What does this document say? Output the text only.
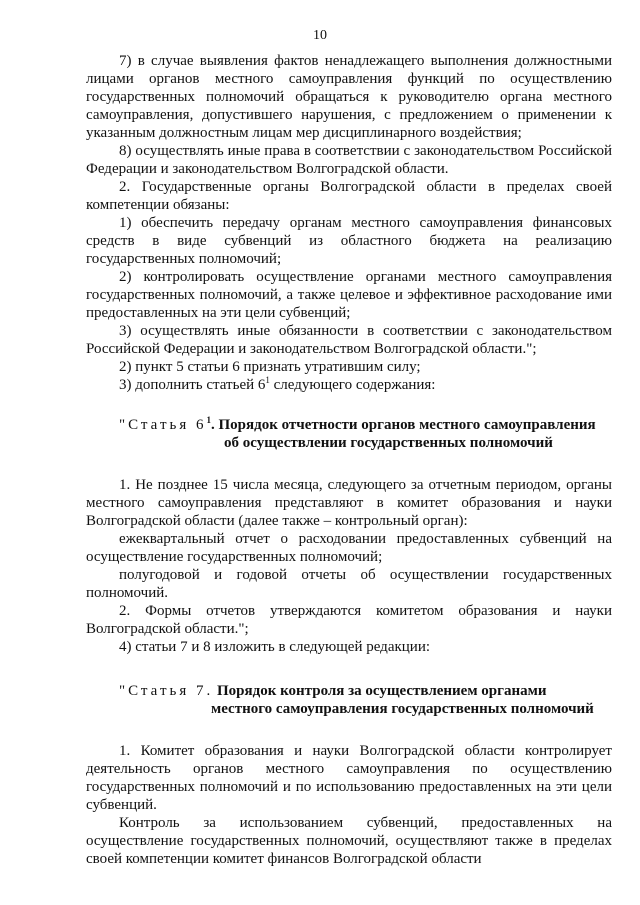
10

7) в случае выявления фактов ненадлежащего выполнения должностными лицами органов местного самоуправления функций по осуществлению государственных полномочий обращаться к руководителю органа местного самоуправления, допустившего нарушения, с предложением о применении к указанным должностным лицам мер дисциплинарного воздействия;

8) осуществлять иные права в соответствии с законодательством Российской Федерации и законодательством Волгоградской области.

2. Государственные органы Волгоградской области в пределах своей компетенции обязаны:

1) обеспечить передачу органам местного самоуправления финансовых средств в виде субвенций из областного бюджета на реализацию государственных полномочий;

2) контролировать осуществление органами местного самоуправления государственных полномочий, а также целевое и эффективное расходование ими предоставленных на эти цели субвенций;

3) осуществлять иные обязанности в соответствии с законодательством Российской Федерации и законодательством Волгоградской области.";

2) пункт 5 статьи 6 признать утратившим силу;

3) дополнить статьей $6^1$ следующего содержания:

"Статья $6^1$. Порядок отчетности органов местного самоуправления
об осуществлении государственных полномочий

1. Не позднее 15 числа месяца, следующего за отчетным периодом, органы местного самоуправления представляют в комитет образования и науки Волгоградской области (далее также – контрольный орган):

ежеквартальный отчет о расходовании предоставленных субвенций на осуществление государственных полномочий;

полугодовой и годовой отчеты об осуществлении государственных полномочий.

2. Формы отчетов утверждаются комитетом образования и науки Волгоградской области.";

4) статьи 7 и 8 изложить в следующей редакции:

"Статья 7. Порядок контроля за осуществлением органами
местного самоуправления государственных полномочий

1. Комитет образования и науки Волгоградской области контролирует деятельность органов местного самоуправления по осуществлению государственных полномочий и по использованию предоставленных на эти цели субвенций.

Контроль за использованием субвенций, предоставленных на осуществление государственных полномочий, осуществляют также в пределах своей компетенции комитет финансов Волгоградской области
